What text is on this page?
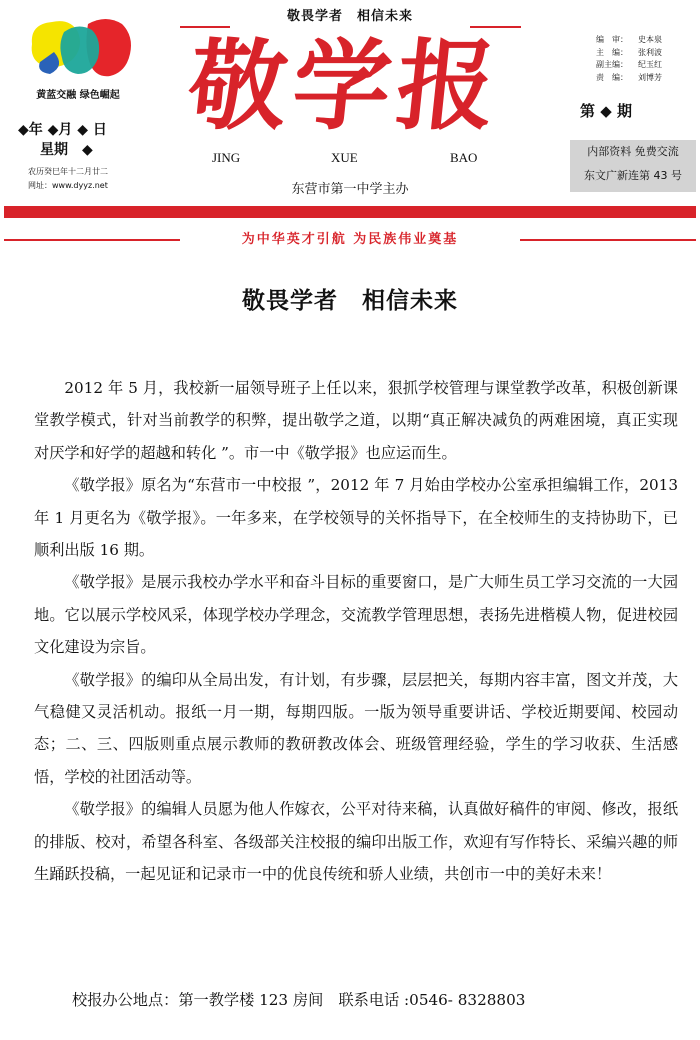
敬畏学者　相信未来
黄蓝交融 绿色崛起
◆年 ◆月 ◆ 日
星期　◆
农历癸巳年十二月廿二
网址：www.dyyz.net
敬学报
JING	XUE	BAO
东营市第一中学主办
编　审： 史本泉
主　编： 张利波
副主编： 纪玉红
责　编： 刘博芳
第 ◆ 期
内部资料 免费交流
东文广新连第 43 号
为中华英才引航 为民族伟业奠基
敬畏学者　相信未来

2012 年 5 月，我校新一届领导班子上任以来，狠抓学校管理与课堂教学改革，积极创新课堂教学模式，针对当前教学的积弊，提出敬学之道，以期“真正解决减负的两难困境，真正实现对厌学和好学的超越和转化 ”。市一中《敬学报》也应运而生。

《敬学报》原名为“东营市一中校报 ”，2012 年 7 月始由学校办公室承担编辑工作，2013 年 1 月更名为《敬学报》。一年多来，在学校领导的关怀指导下，在全校师生的支持协助下，已顺利出版 16 期。

《敬学报》是展示我校办学水平和奋斗目标的重要窗口，是广大师生员工学习交流的一大园地。它以展示学校风采，体现学校办学理念，交流教学管理思想，表扬先进楷模人物，促进校园文化建设为宗旨。

《敬学报》的编印从全局出发，有计划，有步骤，层层把关，每期内容丰富，图文并茂，大气稳健又灵活机动。报纸一月一期，每期四版。一版为领导重要讲话、学校近期要闻、校园动态；二、三、四版则重点展示教师的教研教改体会、班级管理经验，学生的学习收获、生活感悟，学校的社团活动等。

《敬学报》的编辑人员愿为他人作嫁衣，公平对待来稿，认真做好稿件的审阅、修改，报纸的排版、校对，希望各科室、各级部关注校报的编印出版工作，欢迎有写作特长、采编兴趣的师生踊跃投稿，一起见证和记录市一中的优良传统和骄人业绩，共创市一中的美好未来！

校报办公地点：第一教学楼 123 房间　联系电话 :0546- 8328803
